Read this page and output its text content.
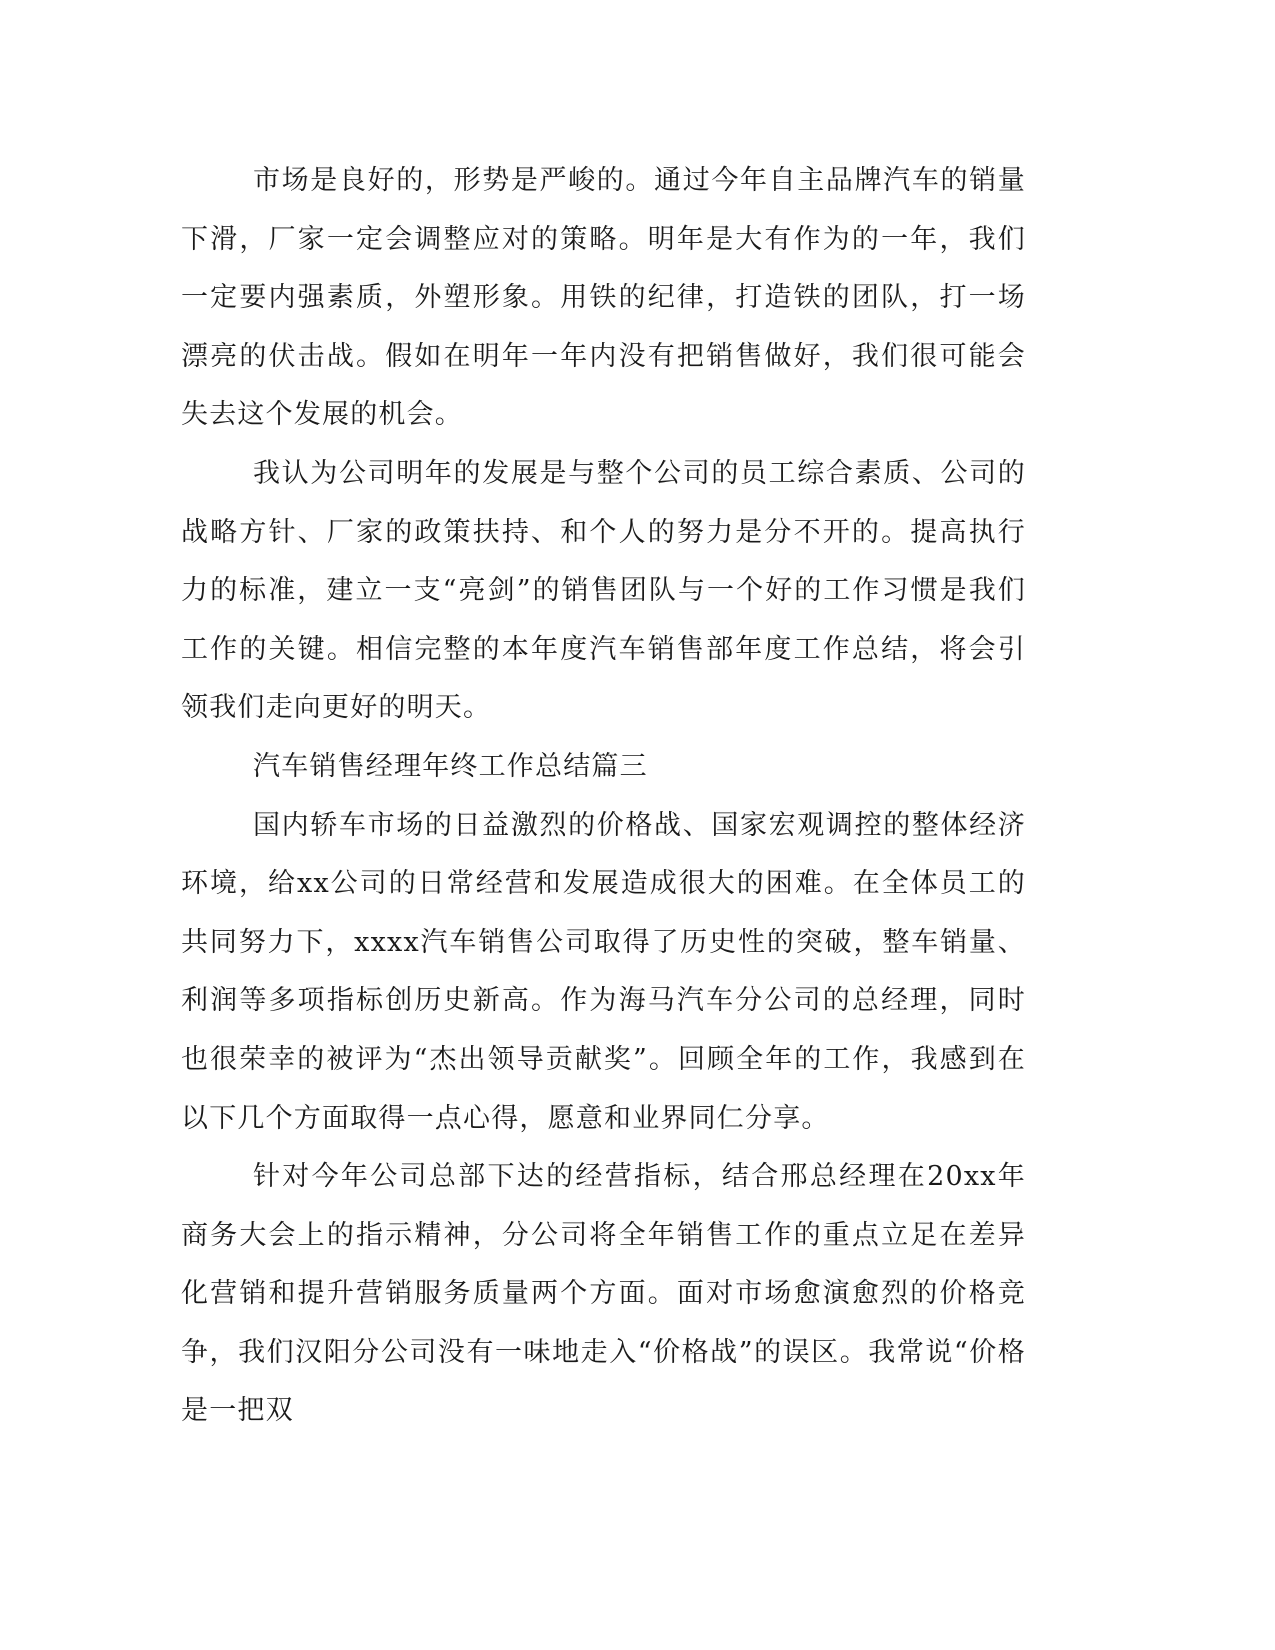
市场是良好的，形势是严峻的。通过今年自主品牌汽车的销量下滑，厂家一定会调整应对的策略。明年是大有作为的一年，我们一定要内强素质，外塑形象。用铁的纪律，打造铁的团队，打一场漂亮的伏击战。假如在明年一年内没有把销售做好，我们很可能会失去这个发展的机会。

我认为公司明年的发展是与整个公司的员工综合素质、公司的战略方针、厂家的政策扶持、和个人的努力是分不开的。提高执行力的标准，建立一支“亮剑”的销售团队与一个好的工作习惯是我们工作的关键。相信完整的本年度汽车销售部年度工作总结，将会引领我们走向更好的明天。

汽车销售经理年终工作总结篇三

国内轿车市场的日益激烈的价格战、国家宏观调控的整体经济环境，给xx公司的日常经营和发展造成很大的困难。在全体员工的共同努力下，xxxx汽车销售公司取得了历史性的突破，整车销量、利润等多项指标创历史新高。作为海马汽车分公司的总经理，同时也很荣幸的被评为“杰出领导贡献奖”。回顾全年的工作，我感到在以下几个方面取得一点心得，愿意和业界同仁分享。

针对今年公司总部下达的经营指标，结合邢总经理在20xx年商务大会上的指示精神，分公司将全年销售工作的重点立足在差异化营销和提升营销服务质量两个方面。面对市场愈演愈烈的价格竞争，我们汉阳分公司没有一味地走入“价格战”的误区。我常说“价格是一把双
